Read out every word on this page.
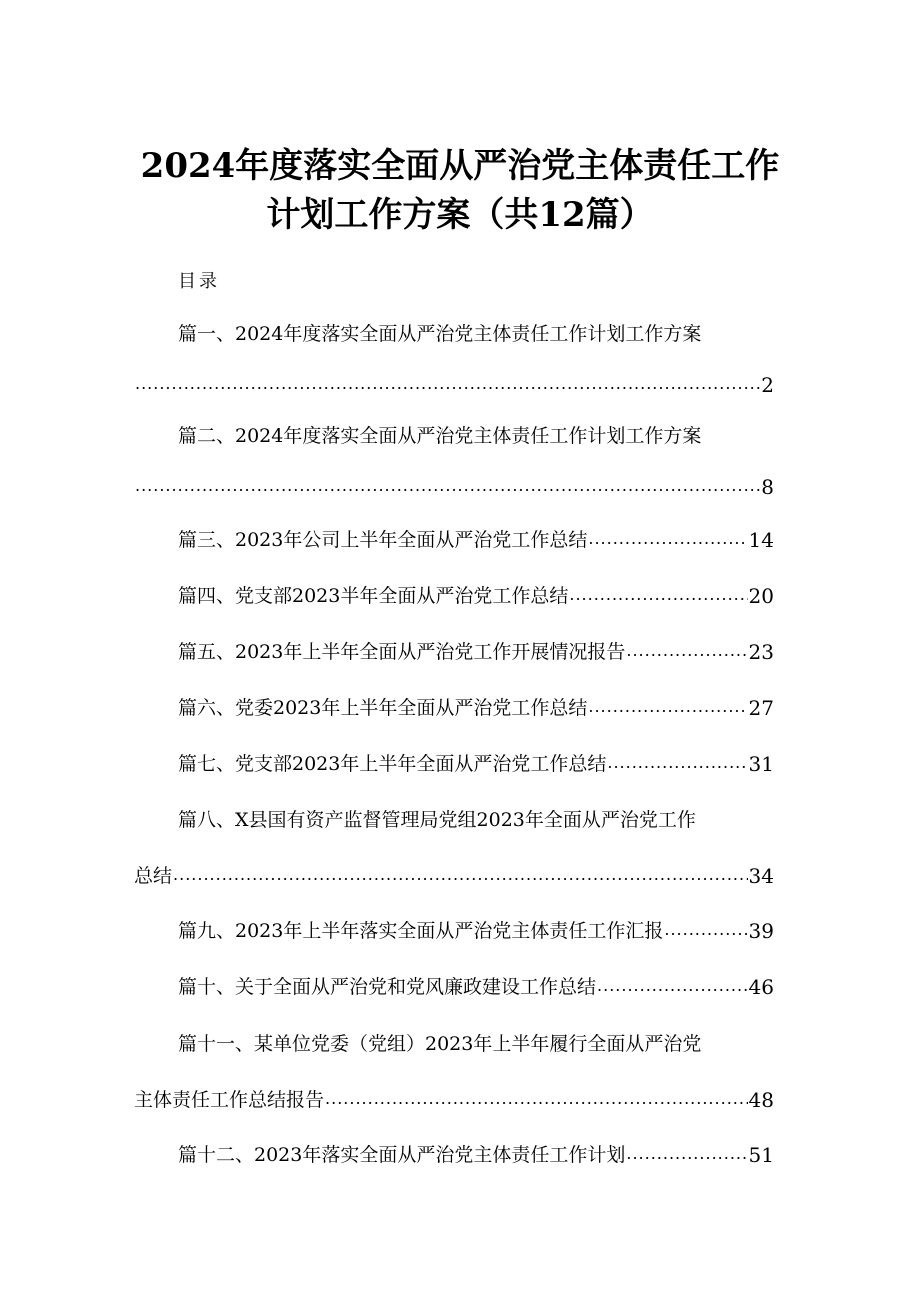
2024年度落实全面从严治党主体责任工作
计划工作方案（共12篇）
目录
篇一、2024年度落实全面从严治党主体责任工作计划工作方案
.....
2
篇二、2024年度落实全面从严治党主体责任工作计划工作方案
.....
8
篇三、2023年公司上半年全面从严治党工作总结 .....	14
篇四、党支部2023半年全面从严治党工作总结 .....	20
篇五、2023年上半年全面从严治党工作开展情况报告 .....	23
篇六、党委2023年上半年全面从严治党工作总结 .....	27
篇七、党支部2023年上半年全面从严治党工作总结 .....	31
篇八、X县国有资产监督管理局党组2023年全面从严治党工作
总结 .....	34
篇九、2023年上半年落实全面从严治党主体责任工作汇报 .....	39
篇十、关于全面从严治党和党风廉政建设工作总结 .....	46
篇十一、某单位党委（党组）2023年上半年履行全面从严治党
主体责任工作总结报告 .....	48
篇十二、2023年落实全面从严治党主体责任工作计划 .....	51
